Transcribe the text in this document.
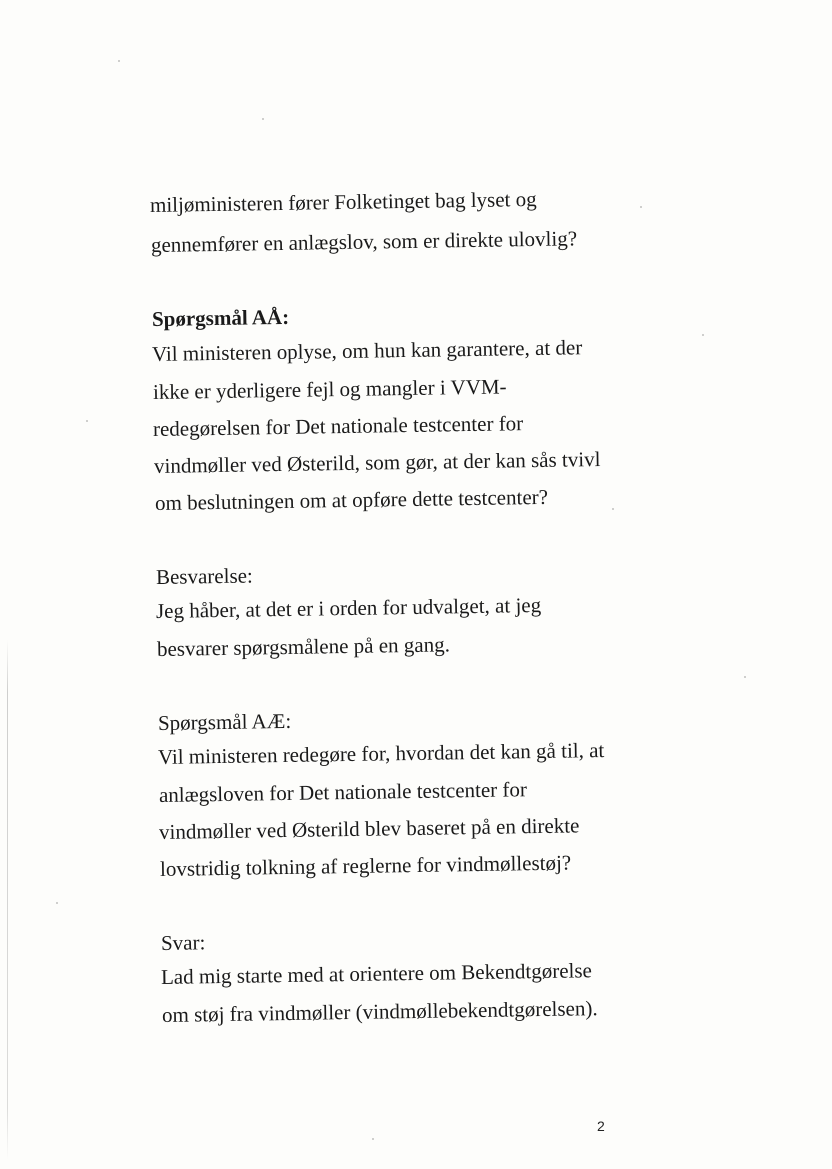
miljøministeren fører Folketinget bag lyset og
gennemfører en anlægslov, som er direkte ulovlig?
Spørgsmål AÅ:
Vil ministeren oplyse, om hun kan garantere, at der
ikke er yderligere fejl og mangler i VVM-
redegørelsen for Det nationale testcenter for
vindmøller ved Østerild, som gør, at der kan sås tvivl
om beslutningen om at opføre dette testcenter?
Besvarelse:
Jeg håber, at det er i orden for udvalget, at jeg
besvarer spørgsmålene på en gang.
Spørgsmål AÆ:
Vil ministeren redegøre for, hvordan det kan gå til, at
anlægsloven for Det nationale testcenter for
vindmøller ved Østerild blev baseret på en direkte
lovstridig tolkning af reglerne for vindmøllestøj?
Svar:
Lad mig starte med at orientere om Bekendtgørelse
om støj fra vindmøller (vindmøllebekendtgørelsen).
2
